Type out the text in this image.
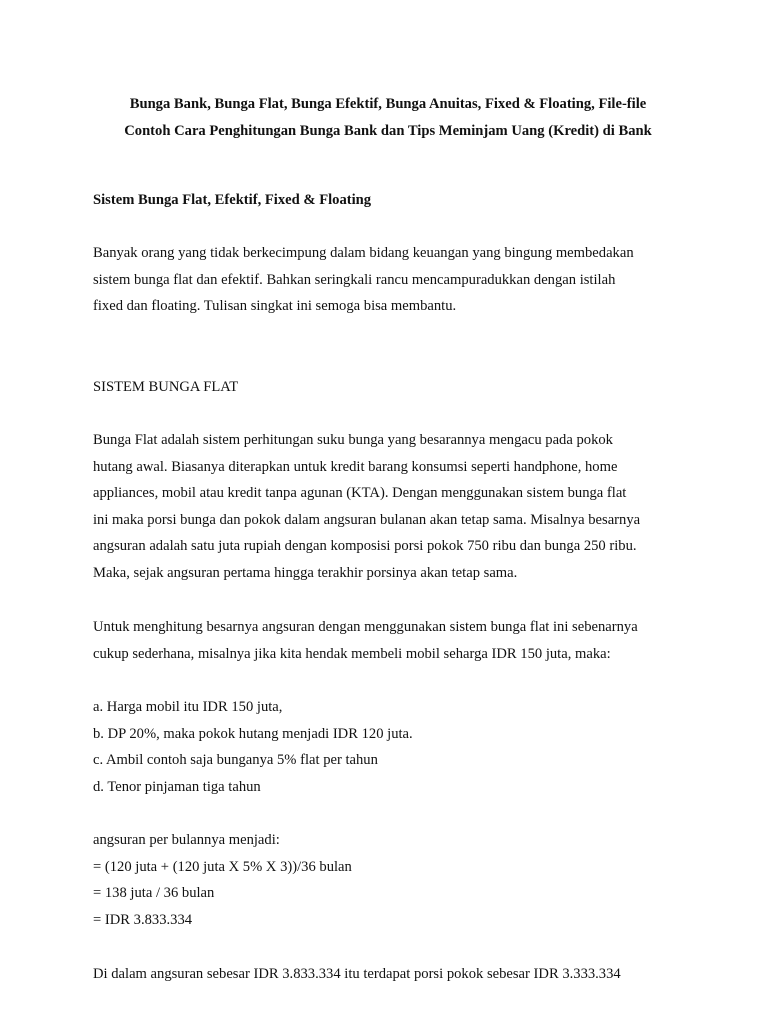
Bunga Bank, Bunga Flat, Bunga Efektif, Bunga Anuitas, Fixed & Floating, File-file
Contoh Cara Penghitungan Bunga Bank dan Tips Meminjam Uang (Kredit) di Bank
Sistem Bunga Flat, Efektif, Fixed & Floating
Banyak orang yang tidak berkecimpung dalam bidang keuangan yang bingung membedakan
sistem bunga flat dan efektif. Bahkan seringkali rancu mencampuradukkan dengan istilah
fixed dan floating. Tulisan singkat ini semoga bisa membantu.
SISTEM BUNGA FLAT
Bunga Flat adalah sistem perhitungan suku bunga yang besarannya mengacu pada pokok
hutang awal. Biasanya diterapkan untuk kredit barang konsumsi seperti handphone, home
appliances, mobil atau kredit tanpa agunan (KTA). Dengan menggunakan sistem bunga flat
ini maka porsi bunga dan pokok dalam angsuran bulanan akan tetap sama. Misalnya besarnya
angsuran adalah satu juta rupiah dengan komposisi porsi pokok 750 ribu dan bunga 250 ribu.
Maka, sejak angsuran pertama hingga terakhir porsinya akan tetap sama.
Untuk menghitung besarnya angsuran dengan menggunakan sistem bunga flat ini sebenarnya
cukup sederhana, misalnya jika kita hendak membeli mobil seharga IDR 150 juta, maka:
a. Harga mobil itu IDR 150 juta,
b. DP 20%, maka pokok hutang menjadi IDR 120 juta.
c. Ambil contoh saja bunganya 5% flat per tahun
d. Tenor pinjaman tiga tahun
angsuran per bulannya menjadi:
= (120 juta + (120 juta X 5% X 3))/36 bulan
= 138 juta / 36 bulan
= IDR 3.833.334
Di dalam angsuran sebesar IDR 3.833.334 itu terdapat porsi pokok sebesar IDR 3.333.334
